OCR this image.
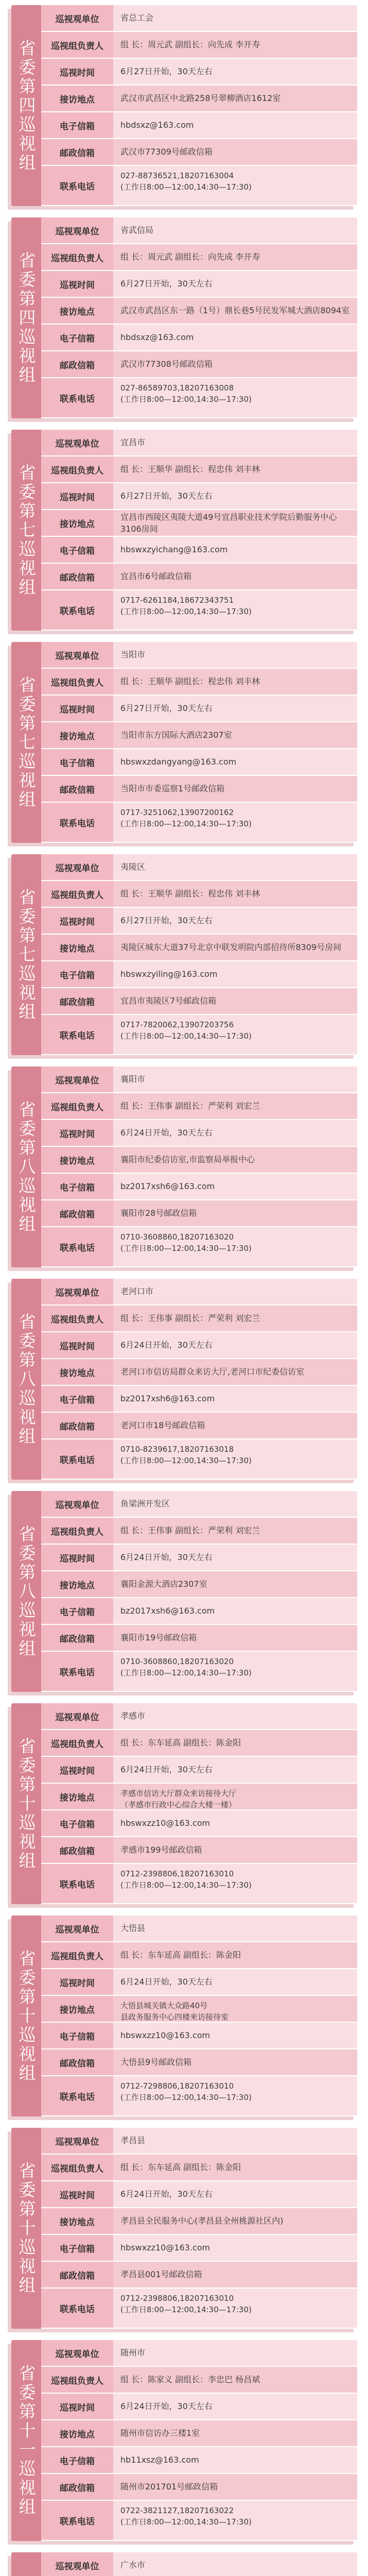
省委第四巡视组
巡视观单位	省总工会
巡视组负责人	组 长：周元武 副组长：向先成 李开寿
巡视时间	6月27日开始，30天左右
接访地点	武汉市武昌区中北路258号翠柳酒店1612室
电子信箱	hbdsxz@163.com
邮政信箱	武汉市77309号邮政信箱
联系电话
027-88736521,18207163004
(工作日8:00—12:00,14:30—17:30)
省委第四巡视组
巡视观单位	省武信局
巡视组负责人	组 长：周元武 副组长：向先成 李开寿
巡视时间	6月27日开始，30天左右
接访地点	武汉市武昌区东一路（1号）鼎长巷5号民发军城大酒店8094室
电子信箱	hbdsxz@163.com
邮政信箱	武汉市77308号邮政信箱
联系电话
027-86589703,18207163008
(工作日8:00—12:00,14:30—17:30)
省委第七巡视组
巡视观单位	宜昌市
巡视组负责人	组 长：王顺华 副组长：程忠伟 刘丰林
巡视时间	6月27日开始，30天左右
接访地点
宜昌市西陵区夷陵大道49号宜昌职业技术学院后勤服务中心3106房间
电子信箱	hbswxzyichang@163.com
邮政信箱	宜昌市6号邮政信箱
联系电话
0717-6261184,18672343751
(工作日8:00—12:00,14:30—17:30)
省委第七巡视组
巡视观单位	当阳市
巡视组负责人	组 长：王顺华 副组长：程忠伟 刘丰林
巡视时间	6月27日开始，30天左右
接访地点	当阳市东方国际大酒店2307室
电子信箱	hbswxzdangyang@163.com
邮政信箱	当阳市市委巡察1号邮政信箱
联系电话
0717-3251062,13907200162
(工作日8:00—12:00,14:30—17:30)
省委第七巡视组
巡视观单位	夷陵区
巡视组负责人	组 长：王顺华 副组长：程忠伟 刘丰林
巡视时间	6月27日开始，30天左右
接访地点	夷陵区城东大道37号北京中联发明院内部招待所8309号房间
电子信箱	hbswxzyiling@163.com
邮政信箱	宜昌市夷陵区7号邮政信箱
联系电话
0717-7820062,13907203756
(工作日8:00—12:00,14:30—17:30)
省委第八巡视组
巡视观单位	襄阳市
巡视组负责人	组 长：王伟事 副组长：严荣利 刘宏兰
巡视时间	6月24日开始，30天左右
接访地点	襄阳市纪委信访室,市监察局举报中心
电子信箱	bz2017xsh6@163.com
邮政信箱	襄阳市28号邮政信箱
联系电话
0710-3608860,18207163020
(工作日8:00—12:00,14:30—17:30)
省委第八巡视组
巡视观单位	老河口市
巡视组负责人	组 长：王伟事 副组长：严荣利 刘宏兰
巡视时间	6月24日开始，30天左右
接访地点	老河口市信访局群众来访大厅,老河口市纪委信访室
电子信箱	bz2017xsh6@163.com
邮政信箱	老河口市18号邮政信箱
联系电话
0710-8239617,18207163018
(工作日8:00—12:00,14:30—17:30)
省委第八巡视组
巡视观单位	鱼梁洲开发区
巡视组负责人	组 长：王伟事 副组长：严荣利 刘宏兰
巡视时间	6月24日开始，30天左右
接访地点	襄阳金源大酒店2307室
电子信箱	bz2017xsh6@163.com
邮政信箱	襄阳市19号邮政信箱
联系电话
0710-3608860,18207163020
(工作日8:00—12:00,14:30—17:30)
省委第十巡视组
巡视观单位	孝感市
巡视组负责人	组 长：东车延高 副组长：陈金阳
巡视时间	6月24日开始，30天左右
接访地点	孝感市信访大厅群众来访接待大厅
（孝感市行政中心综合大楼一楼）
电子信箱	hbswxzz10@163.com
邮政信箱	孝感市199号邮政信箱
联系电话
0712-2398806,18207163010
(工作日8:00—12:00,14:30—17:30)
省委第十巡视组
巡视观单位	大悟县
巡视组负责人	组 长：东车延高 副组长：陈金阳
巡视时间	6月24日开始，30天左右
接访地点	大悟县城关镇大众路40号
县政务服务中心四楼来访接待室
电子信箱	hbswxzz10@163.com
邮政信箱	大悟县9号邮政信箱
联系电话
0712-7298806,18207163010
(工作日8:00—12:00,14:30—17:30)
省委第十巡视组
巡视观单位	孝昌县
巡视组负责人	组 长：东车延高 副组长：陈金阳
巡视时间	6月24日开始，30天左右
接访地点	孝昌县全民服务中心(孝昌县全州桃源社区内)
电子信箱	hbswxzz10@163.com
邮政信箱	孝昌县001号邮政信箱
联系电话
0712-2398806,18207163010
(工作日8:00—12:00,14:30—17:30)
省委第十一巡视组
巡视观单位	随州市
巡视组负责人	组 长：陈家义 副组长：李忠巴 杨昌斌
巡视时间	6月24日开始，30天左右
接访地点	随州市信访办三楼1室
电子信箱	hb11xsz@163.com
邮政信箱	随州市201701号邮政信箱
联系电话
0722-3821127,18207163022
(工作日8:00—12:00,14:30—17:30)
巡视观单位	广水市
